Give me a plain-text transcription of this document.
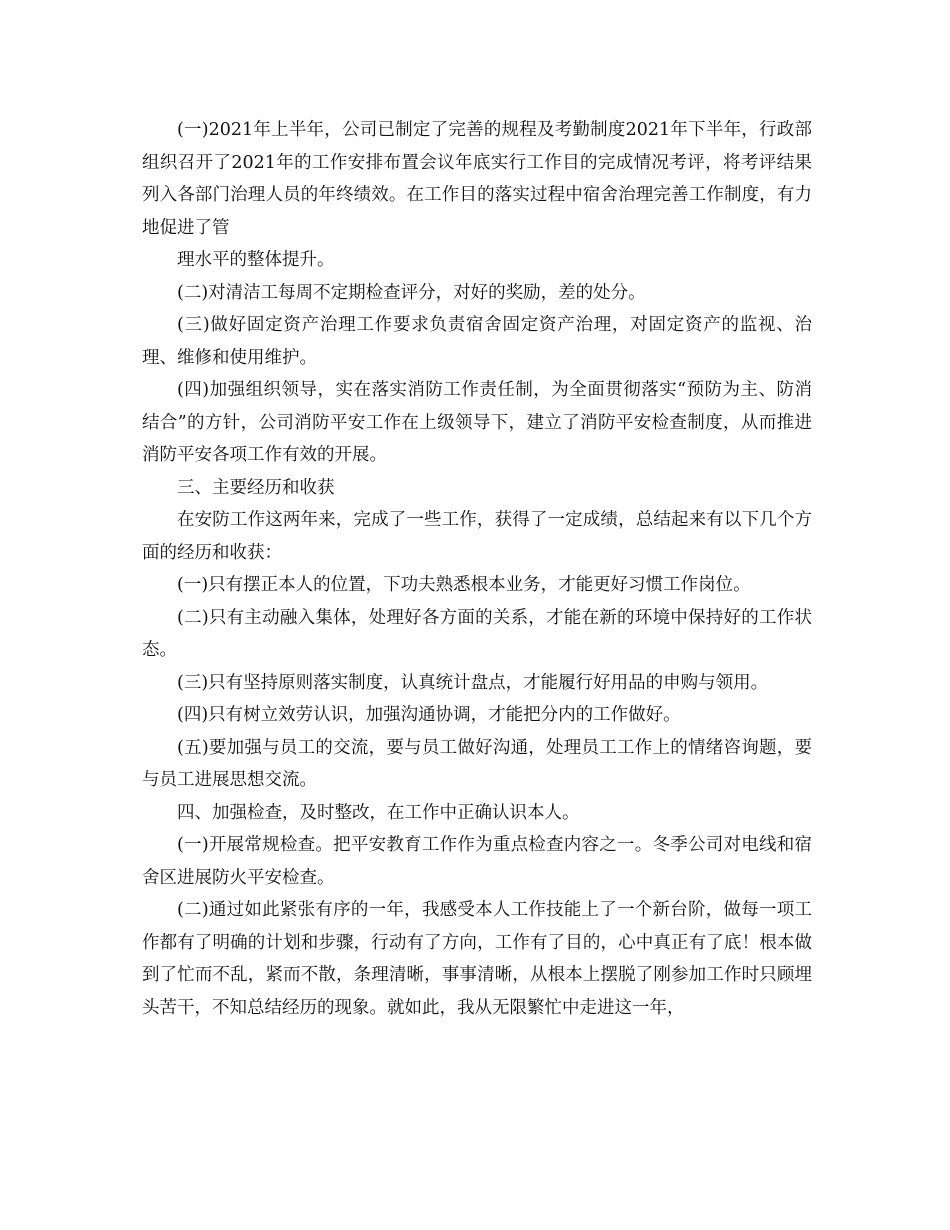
(一)2021年上半年，公司已制定了完善的规程及考勤制度2021年下半年，行政部组织召开了2021年的工作安排布置会议年底实行工作目的完成情况考评，将考评结果列入各部门治理人员的年终绩效。在工作目的落实过程中宿舍治理完善工作制度，有力地促进了管

理水平的整体提升。

(二)对清洁工每周不定期检查评分，对好的奖励，差的处分。

(三)做好固定资产治理工作要求负责宿舍固定资产治理，对固定资产的监视、治理、维修和使用维护。

(四)加强组织领导，实在落实消防工作责任制，为全面贯彻落实“预防为主、防消结合”的方针，公司消防平安工作在上级领导下，建立了消防平安检查制度，从而推进消防平安各项工作有效的开展。

三、主要经历和收获

在安防工作这两年来，完成了一些工作，获得了一定成绩，总结起来有以下几个方面的经历和收获：

(一)只有摆正本人的位置，下功夫熟悉根本业务，才能更好习惯工作岗位。

(二)只有主动融入集体，处理好各方面的关系，才能在新的环境中保持好的工作状态。

(三)只有坚持原则落实制度，认真统计盘点，才能履行好用品的申购与领用。

(四)只有树立效劳认识，加强沟通协调，才能把分内的工作做好。

(五)要加强与员工的交流，要与员工做好沟通，处理员工工作上的情绪咨询题，要与员工进展思想交流。

四、加强检查，及时整改，在工作中正确认识本人。

(一)开展常规检查。把平安教育工作作为重点检查内容之一。冬季公司对电线和宿舍区进展防火平安检查。

(二)通过如此紧张有序的一年，我感受本人工作技能上了一个新台阶，做每一项工作都有了明确的计划和步骤，行动有了方向，工作有了目的，心中真正有了底！根本做到了忙而不乱，紧而不散，条理清晰，事事清晰，从根本上摆脱了刚参加工作时只顾埋头苦干，不知总结经历的现象。就如此，我从无限繁忙中走进这一年，
